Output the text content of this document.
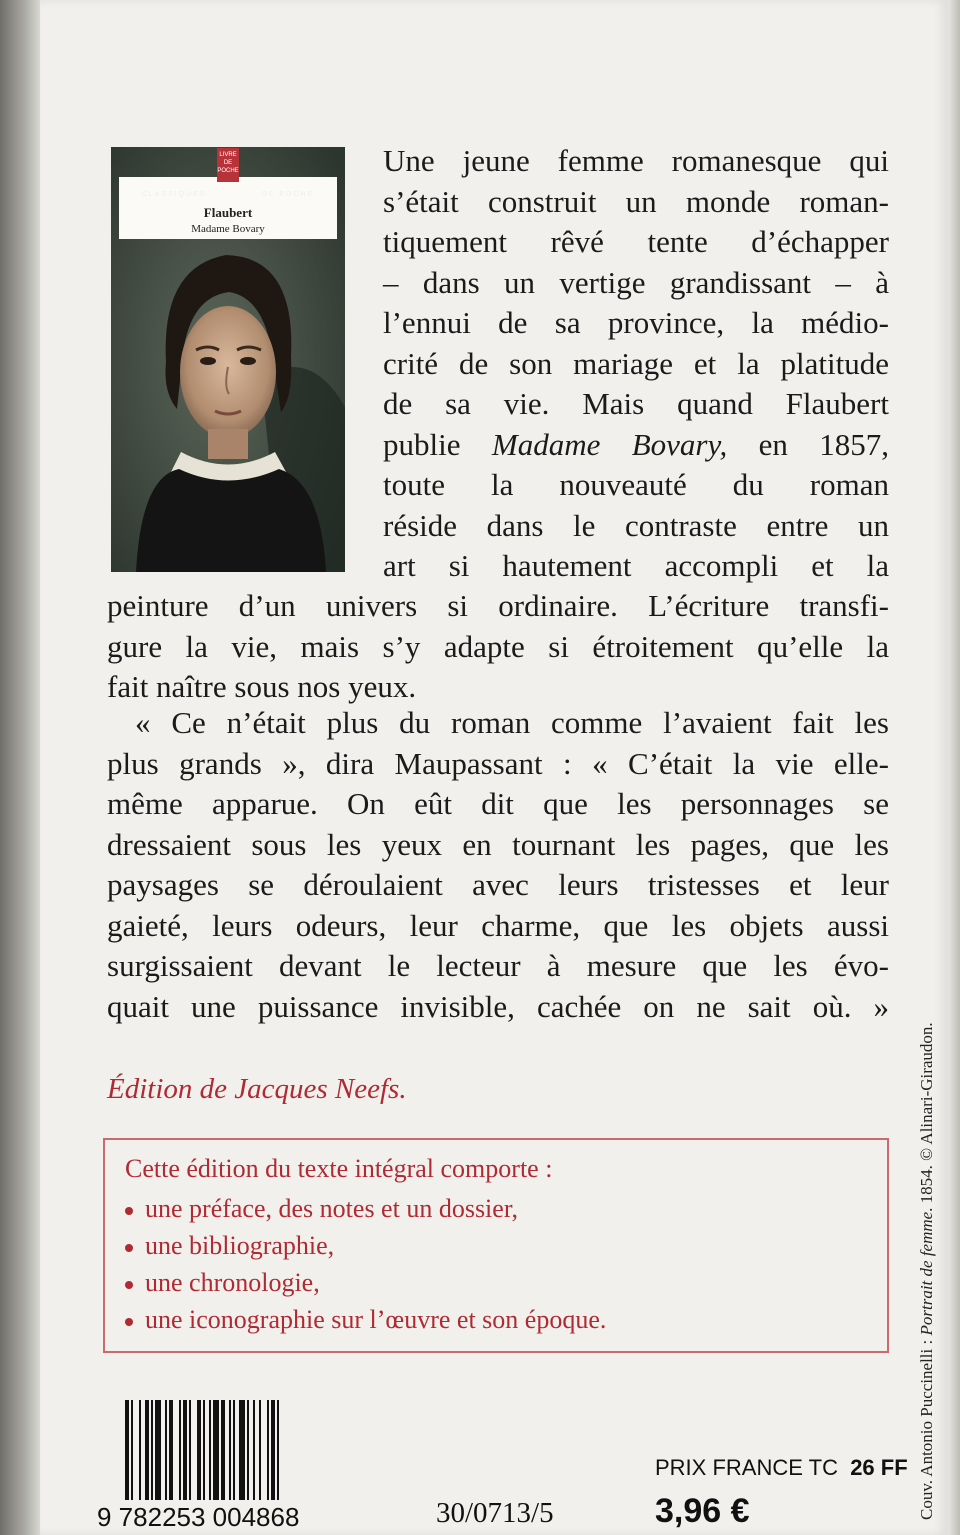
LIVRE DE POCHE
CLASSIQUES	DE POCHE
Flaubert
Madame Bovary
Une jeune femme romanesque qui
s’était construit un monde roman-
tiquement rêvé tente d’échapper
– dans un vertige grandissant – à
l’ennui de sa province, la médio-
crité de son mariage et la platitude
de sa vie. Mais quand Flaubert
publie Madame Bovary, en 1857,
toute la nouveauté du roman
réside dans le contraste entre un
art si hautement accompli et la
peinture d’un univers si ordinaire. L’écriture transfi-
gure la vie, mais s’y adapte si étroitement qu’elle la
fait naître sous nos yeux.
« Ce n’était plus du roman comme l’avaient fait les
plus grands », dira Maupassant : « C’était la vie elle-
même apparue. On eût dit que les personnages se
dressaient sous les yeux en tournant les pages, que les
paysages se déroulaient avec leurs tristesses et leur
gaieté, leurs odeurs, leur charme, que les objets aussi
surgissaient devant le lecteur à mesure que les évo-
quait une puissance invisible, cachée on ne sait où. »
Édition de Jacques Neefs.
Cette édition du texte intégral comporte :
une préface, des notes et un dossier,
une bibliographie,
une chronologie,
une iconographie sur l’œuvre et son époque.
Couv. Antonio Puccinelli : Portrait de femme. 1854. © Alinari-Giraudon.
9 782253 004868	30/0713/5
PRIX FRANCE TC 26 FF
3,96 €
